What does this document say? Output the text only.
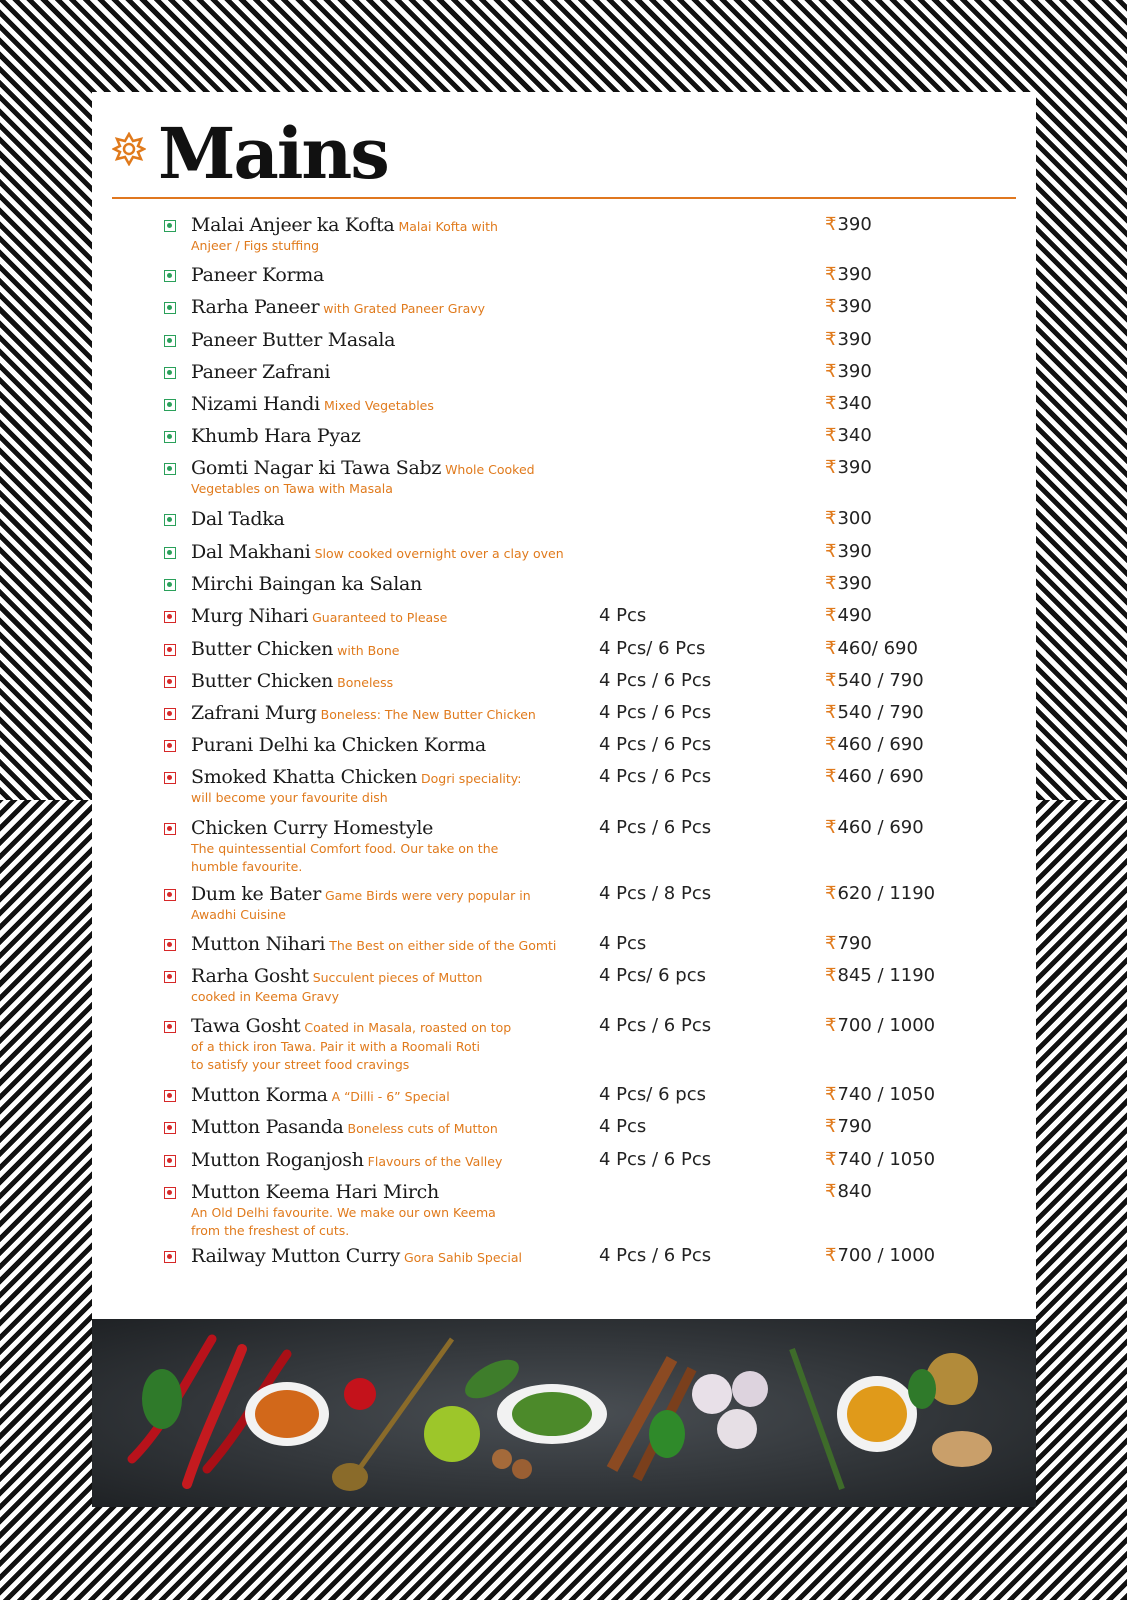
Mains
Malai Anjeer ka Kofta Malai Kofta with
Anjeer / Figs stuffing
₹390
Paneer Korma	₹390
Rarha Paneer with Grated Paneer Gravy	₹390
Paneer Butter Masala	₹390
Paneer Zafrani	₹390
Nizami Handi Mixed Vegetables	₹340
Khumb Hara Pyaz	₹340
Gomti Nagar ki Tawa Sabz Whole Cooked
Vegetables on Tawa with Masala
₹390
Dal Tadka	₹300
Dal Makhani Slow cooked overnight over a clay oven	₹390
Mirchi Baingan ka Salan	₹390
Murg Nihari Guaranteed to Please	4 Pcs	₹490
Butter Chicken with Bone	4 Pcs/ 6 Pcs	₹460/ 690
Butter Chicken Boneless	4 Pcs / 6 Pcs	₹540 / 790
Zafrani Murg Boneless: The New Butter Chicken	4 Pcs / 6 Pcs	₹540 / 790
Purani Delhi ka Chicken Korma	4 Pcs / 6 Pcs	₹460 / 690
Smoked Khatta Chicken Dogri speciality:
will become your favourite dish
4 Pcs / 6 Pcs	₹460 / 690
Chicken Curry Homestyle
The quintessential Comfort food. Our take on the
humble favourite.
4 Pcs / 6 Pcs	₹460 / 690
Dum ke Bater Game Birds were very popular in
Awadhi Cuisine
4 Pcs / 8 Pcs	₹620 / 1190
Mutton Nihari The Best on either side of the Gomti	4 Pcs	₹790
Rarha Gosht Succulent pieces of Mutton
cooked in Keema Gravy
4 Pcs/ 6 pcs	₹845 / 1190
Tawa Gosht Coated in Masala, roasted on top
of a thick iron Tawa. Pair it with a Roomali Roti
to satisfy your street food cravings
4 Pcs / 6 Pcs	₹700 / 1000
Mutton Korma A “Dilli - 6” Special	4 Pcs/ 6 pcs	₹740 / 1050
Mutton Pasanda Boneless cuts of Mutton	4 Pcs	₹790
Mutton Roganjosh Flavours of the Valley	4 Pcs / 6 Pcs	₹740 / 1050
Mutton Keema Hari Mirch
An Old Delhi favourite. We make our own Keema
from the freshest of cuts.
₹840
Railway Mutton Curry Gora Sahib Special	4 Pcs / 6 Pcs	₹700 / 1000
